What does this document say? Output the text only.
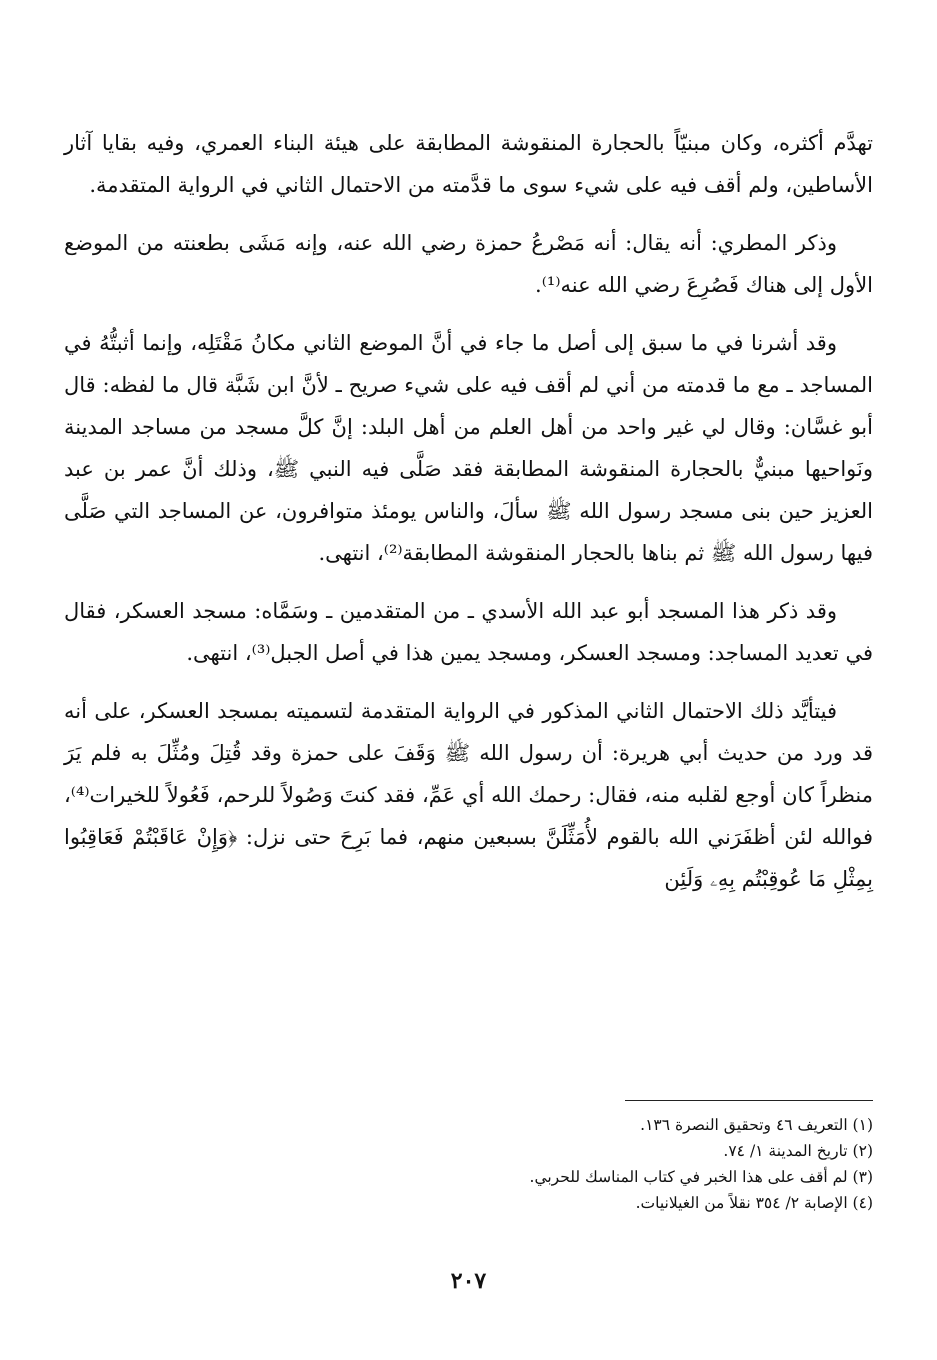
تهدَّم أكثره، وكان مبنيّاً بالحجارة المنقوشة المطابقة على هيئة البناء العمري، وفيه بقايا آثار الأساطين، ولم أقف فيه على شيء سوى ما قدَّمته من الاحتمال الثاني في الرواية المتقدمة.

وذكر المطري: أنه يقال: أنه مَصْرعُ حمزة رضي الله عنه، وإنه مَشَى بطعنته من الموضع الأول إلى هناك فَصُرِعَ رضي الله عنه⁽¹⁾.

وقد أشرنا في ما سبق إلى أصل ما جاء في أنَّ الموضع الثاني مكانُ مَقْتَلِه، وإنما أثبتُّهُ في المساجد ـ مع ما قدمته من أني لم أقف فيه على شيء صريح ـ لأنَّ ابن شَبَّة قال ما لفظه: قال أبو غسَّان: وقال لي غير واحد من أهل العلم من أهل البلد: إنَّ كلَّ مسجد من مساجد المدينة ونَواحيها مبنيٌّ بالحجارة المنقوشة المطابقة فقد صَلَّى فيه النبي ﷺ، وذلك أنَّ عمر بن عبد العزيز حين بنى مسجد رسول الله ﷺ سألَ، والناس يومئذ متوافرون، عن المساجد التي صَلَّى فيها رسول الله ﷺ ثم بناها بالحجار المنقوشة المطابقة⁽²⁾، انتهى.

وقد ذكر هذا المسجد أبو عبد الله الأسدي ـ من المتقدمين ـ وسَمَّاه: مسجد العسكر، فقال في تعديد المساجد: ومسجد العسكر، ومسجد يمين هذا في أصل الجبل⁽³⁾، انتهى.

فيتأيَّد ذلك الاحتمال الثاني المذكور في الرواية المتقدمة لتسميته بمسجد العسكر، على أنه قد ورد من حديث أبي هريرة: أن رسول الله ﷺ وَقَفَ على حمزة وقد قُتِلَ ومُثِّلَ به فلم يَرَ منظراً كان أوجع لقلبه منه، فقال: رحمك الله أي عَمِّ، فقد كنتَ وَصُولاً للرحم، فَعُولاً للخيرات⁽⁴⁾، فوالله لئن أظفَرَني الله بالقوم لأُمَثِّلَنَّ بسبعين منهم، فما بَرِحَ حتى نزل: ﴿وَإِنْ عَاقَبْتُمْ فَعَاقِبُوا بِمِثْلِ مَا عُوقِبْتُم بِهِۦ وَلَئِن

(١) التعريف ٤٦ وتحقيق النصرة ١٣٦.
(٢) تاريخ المدينة ١/ ٧٤.
(٣) لم أقف على هذا الخبر في كتاب المناسك للحربي.
(٤) الإصابة ٢/ ٣٥٤ نقلاً من الغيلانيات.
٢٠٧
